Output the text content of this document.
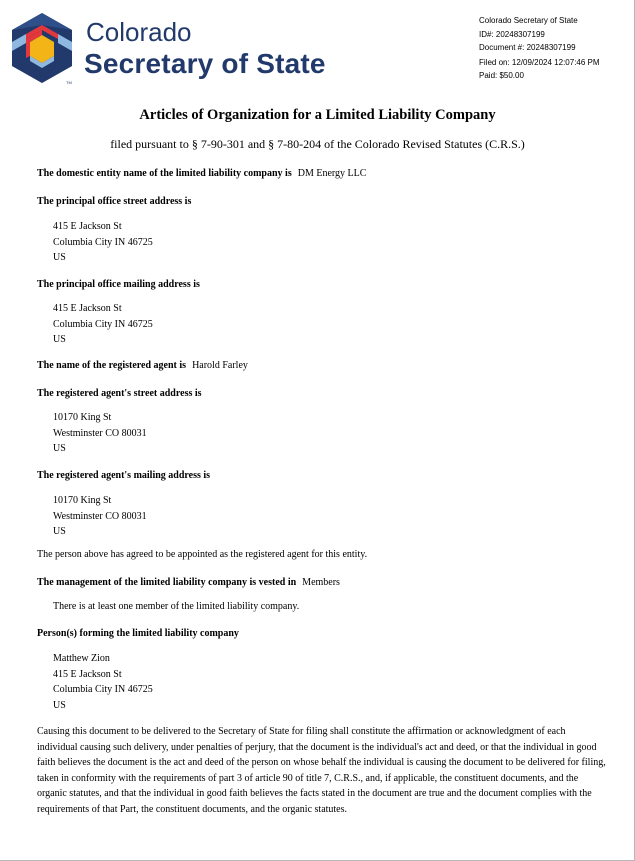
TM
Colorado
Secretary of State
Colorado Secretary of State
ID#: 20248307199
Document #: 20248307199
Filed on: 12/09/2024 12:07:46 PM
Paid: $50.00
Articles of Organization for a Limited Liability Company
filed pursuant to § 7-90-301 and § 7-80-204 of the Colorado Revised Statutes (C.R.S.)
The domestic entity name of the limited liability company is DM Energy LLC
The principal office street address is
415 E Jackson St
Columbia City IN 46725
US
The principal office mailing address is
415 E Jackson St
Columbia City IN 46725
US
The name of the registered agent is Harold Farley
The registered agent's street address is
10170 King St
Westminster CO 80031
US
The registered agent's mailing address is
10170 King St
Westminster CO 80031
US
The person above has agreed to be appointed as the registered agent for this entity.
The management of the limited liability company is vested in Members
There is at least one member of the limited liability company.
Person(s) forming the limited liability company
Matthew Zion
415 E Jackson St
Columbia City IN 46725
US
Causing this document to be delivered to the Secretary of State for filing shall constitute the affirmation or acknowledgment of each individual causing such delivery, under penalties of perjury, that the document is the individual's act and deed, or that the individual in good faith believes the document is the act and deed of the person on whose behalf the individual is causing the document to be delivered for filing, taken in conformity with the requirements of part 3 of article 90 of title 7, C.R.S., and, if applicable, the constituent documents, and the organic statutes, and that the individual in good faith believes the facts stated in the document are true and the document complies with the requirements of that Part, the constituent documents, and the organic statutes.
